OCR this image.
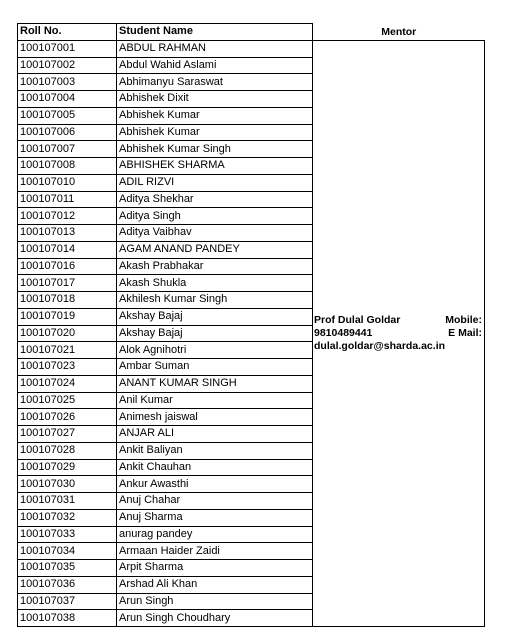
Roll No.	Student Name	Mentor
100107001	ABDUL RAHMAN	Prof Dulal Goldar Mobile:
9810489441 E Mail:
dulal.goldar@sharda.ac.in

100107002	Abdul Wahid Aslami	
100107003	Abhimanyu Saraswat	
100107004	Abhishek Dixit	
100107005	Abhishek Kumar	
100107006	Abhishek Kumar	
100107007	Abhishek Kumar Singh	
100107008	ABHISHEK SHARMA	
100107010	ADIL RIZVI	
100107011	Aditya Shekhar	
100107012	Aditya Singh	
100107013	Aditya Vaibhav	
100107014	AGAM ANAND PANDEY	
100107016	Akash Prabhakar	
100107017	Akash Shukla	
100107018	Akhilesh Kumar Singh	
100107019	Akshay Bajaj	
100107020	Akshay Bajaj	
100107021	Alok Agnihotri	
100107023	Ambar Suman	
100107024	ANANT KUMAR SINGH	
100107025	Anil Kumar	
100107026	Animesh jaiswal	
100107027	ANJAR ALI	
100107028	Ankit Baliyan	
100107029	Ankit Chauhan	
100107030	Ankur Awasthi	
100107031	Anuj Chahar	
100107032	Anuj Sharma	
100107033	anurag pandey	
100107034	Armaan Haider Zaidi	
100107035	Arpit Sharma	
100107036	Arshad Ali Khan	
100107037	Arun Singh	
100107038	Arun Singh Choudhary	
